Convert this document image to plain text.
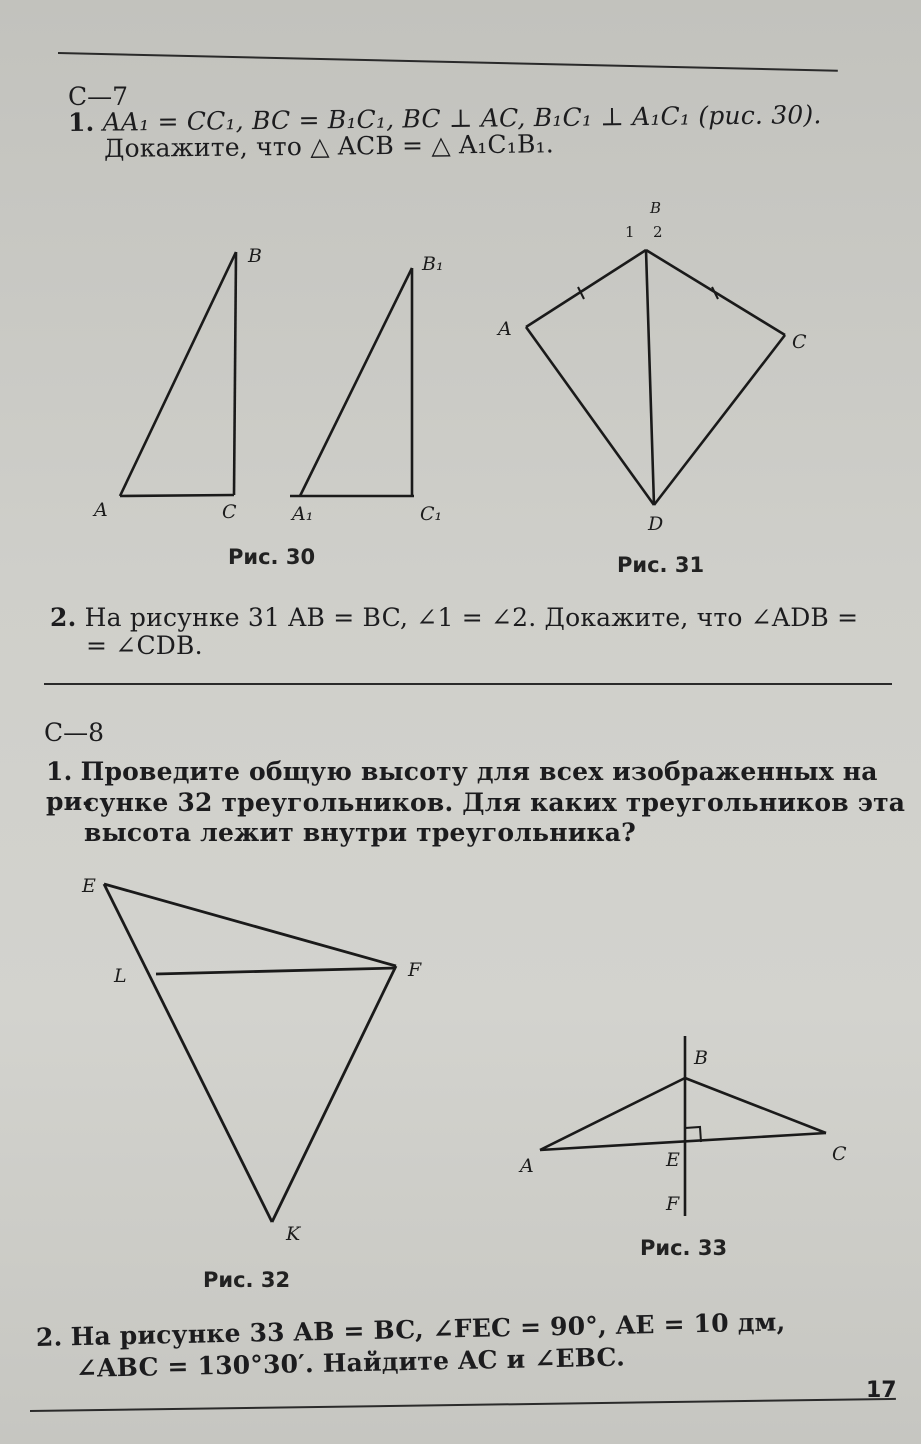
С—7
1. AA₁ = CC₁, BC = B₁C₁, BC ⊥ AC, B₁C₁ ⊥ A₁C₁ (рис. 30).
Докажите, что △ ACB = △ A₁C₁B₁.
B
A	C
B₁
A₁	C₁
Рис. 30
B
1 2
A
C
D
Рис. 31
2. На рисунке 31 AB = BC, ∠1 = ∠2. Докажите, что ∠ADB =
= ∠CDB.
С—8
1. Проведите общую высоту для всех изображенных на ри-
сунке 32 треугольников. Для каких треугольников эта
высота лежит внутри треугольника?
E
L	F
K
Рис. 32
B
A	E	C
F
Рис. 33
2. На рисунке 33 AB = BC, ∠FEC = 90°, AE = 10 дм,
∠ABC = 130°30′. Найдите AC и ∠EBC.
17
